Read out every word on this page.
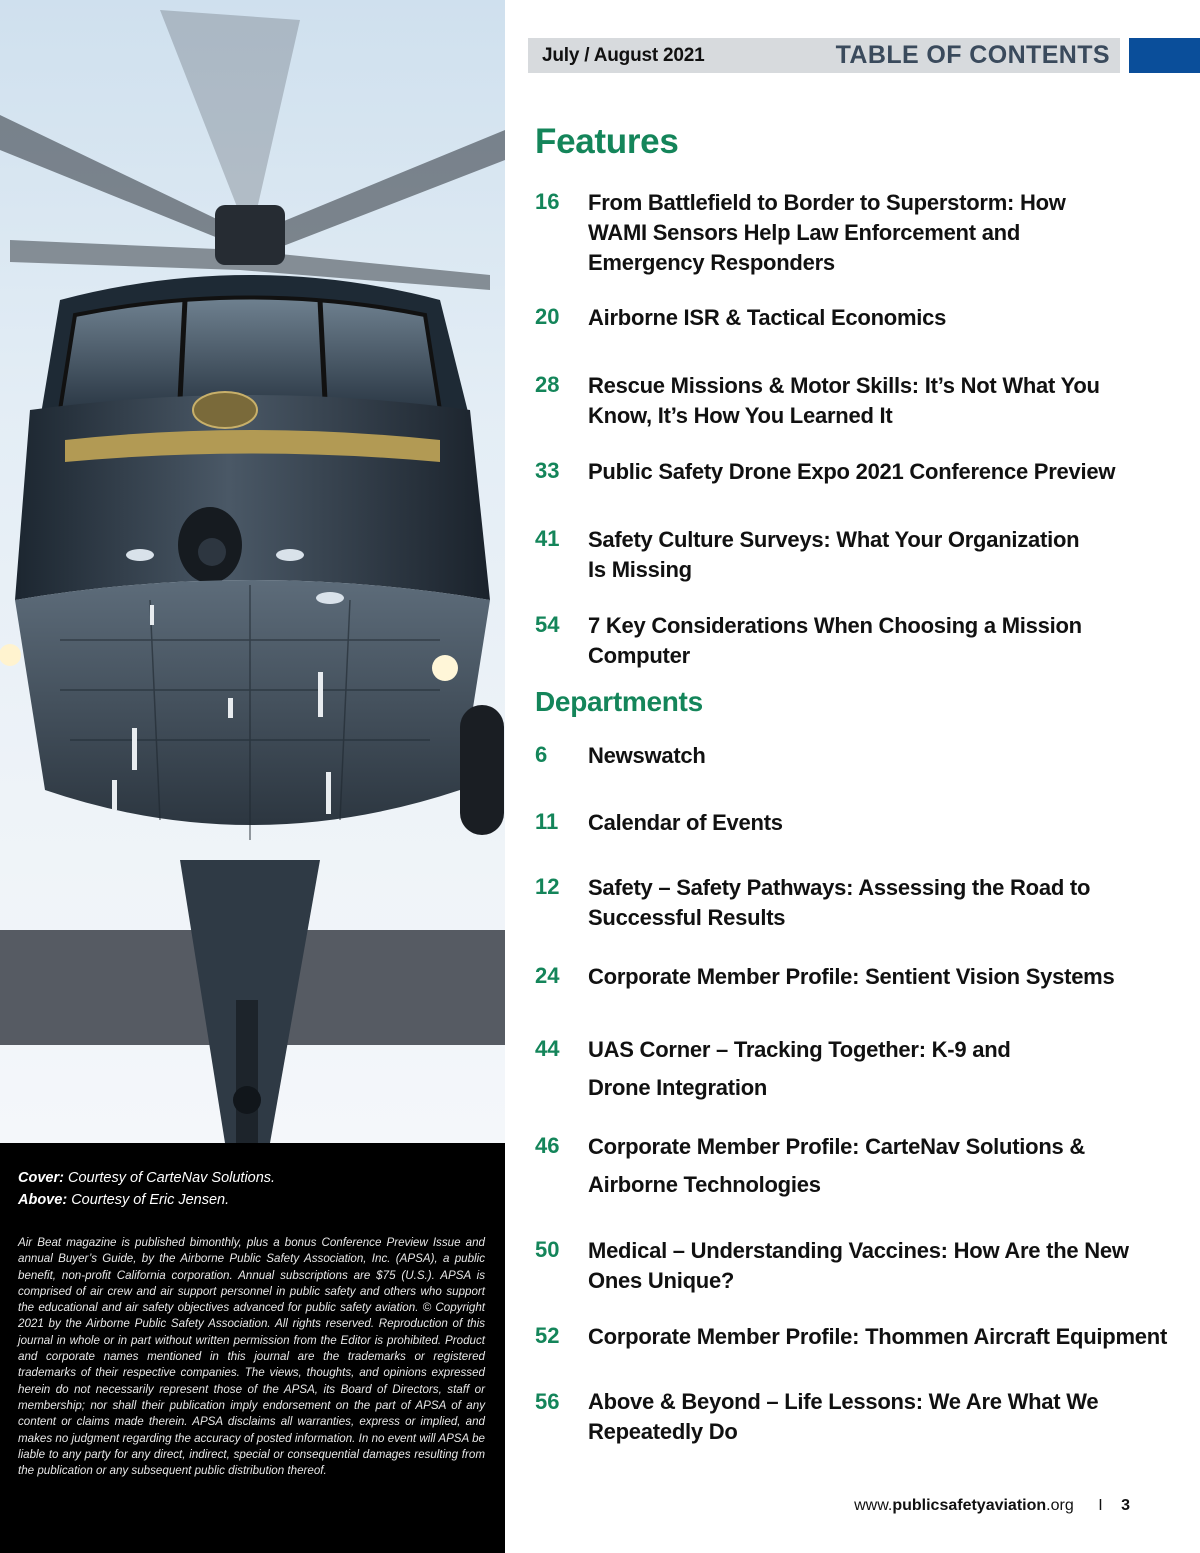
Cover: Courtesy of CarteNav Solutions.
Above: Courtesy of Eric Jensen.

Air Beat magazine is published bimonthly, plus a bonus Conference Preview Issue and annual Buyer’s Guide, by the Airborne Public Safety Association, Inc. (APSA), a public benefit, non-profit California corporation. Annual subscriptions are $75 (U.S.). APSA is comprised of air crew and air support personnel in public safety and others who support the educational and air safety objectives advanced for public safety aviation. © Copyright 2021 by the Airborne Public Safety Association. All rights reserved. Reproduction of this journal in whole or in part without written permission from the Editor is prohibited. Product and corporate names mentioned in this journal are the trademarks or registered trademarks of their respective companies. The views, thoughts, and opinions expressed herein do not necessarily represent those of the APSA, its Board of Directors, staff or membership; nor shall their publication imply endorsement on the part of APSA of any content or claims made therein. APSA disclaims all warranties, express or implied, and makes no judgment regarding the accuracy of posted information. In no event will APSA be liable to any party for any direct, indirect, special or consequential damages resulting from the publication or any subsequent public distribution thereof.

July / August 2021	TABLE OF CONTENTS
Features
16	From Battlefield to Border to Superstorm: How WAMI Sensors Help Law Enforcement and Emergency Responders
20	Airborne ISR & Tactical Economics
28	Rescue Missions & Motor Skills: It’s Not What You Know, It’s How You Learned It
33	Public Safety Drone Expo 2021 Conference Preview
41	Safety Culture Surveys: What Your Organization Is Missing
54	7 Key Considerations When Choosing a Mission Computer
Departments
6	Newswatch
11	Calendar of Events
12	Safety – Safety Pathways: Assessing the Road to Successful Results
24	Corporate Member Profile: Sentient Vision Systems
44	UAS Corner – Tracking Together: K-9 and Drone Integration
46	Corporate Member Profile: CarteNav Solutions & Airborne Technologies
50	Medical – Understanding Vaccines: How Are the New Ones Unique?
52	Corporate Member Profile: Thommen Aircraft Equipment
56	Above & Beyond – Life Lessons: We Are What We Repeatedly Do
www.publicsafetyaviation.org I 3
